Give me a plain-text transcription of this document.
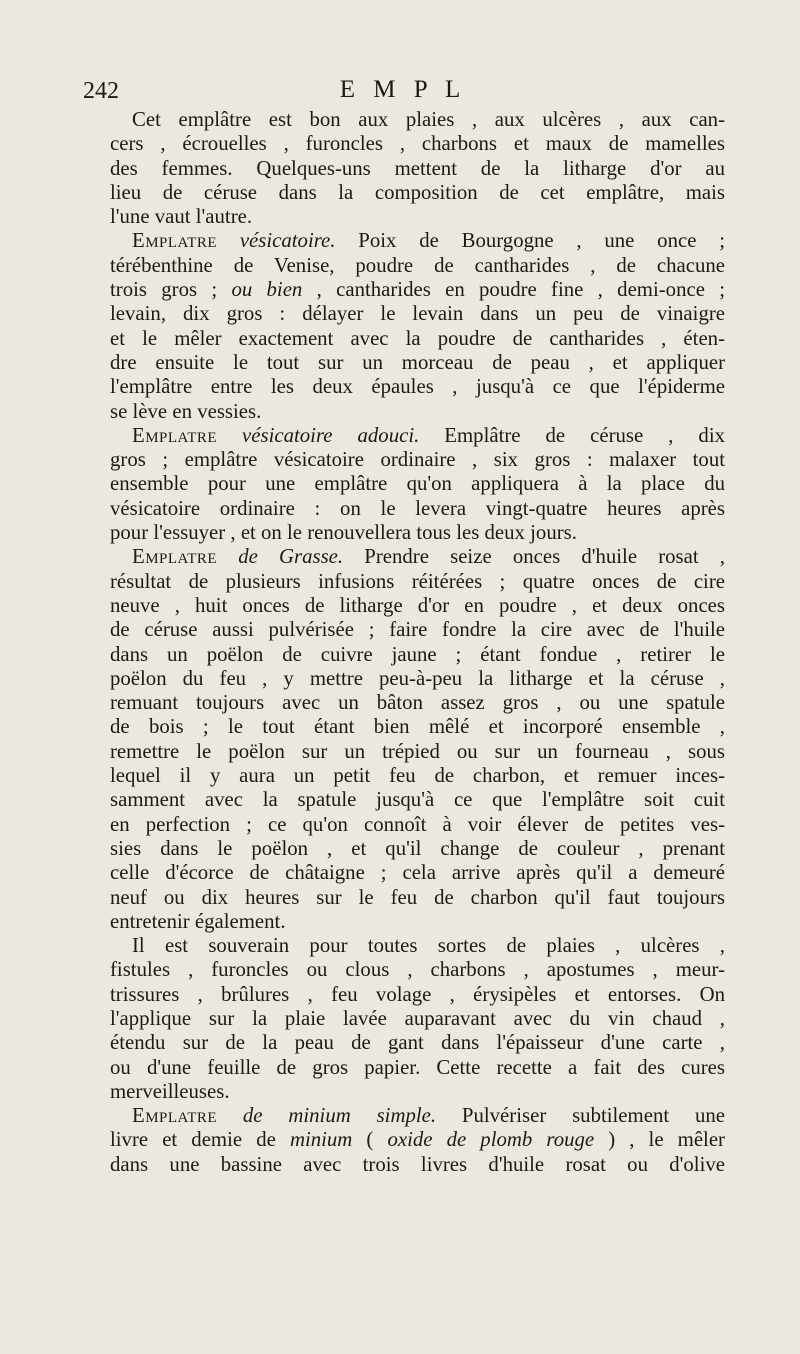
242	E M P L
Cet emplâtre est bon aux plaies , aux ulcères , aux can-
cers , écrouelles , furoncles , charbons et maux de mamelles
des femmes. Quelques-uns mettent de la litharge d'or au
lieu de céruse dans la composition de cet emplâtre, mais
l'une vaut l'autre.
Emplatre vésicatoire. Poix de Bourgogne , une once ;
térébenthine de Venise, poudre de cantharides , de chacune
trois gros ; ou bien , cantharides en poudre fine , demi-once ;
levain, dix gros : délayer le levain dans un peu de vinaigre
et le mêler exactement avec la poudre de cantharides , éten-
dre ensuite le tout sur un morceau de peau , et appliquer
l'emplâtre entre les deux épaules , jusqu'à ce que l'épiderme
se lève en vessies.
Emplatre vésicatoire adouci. Emplâtre de céruse , dix
gros ; emplâtre vésicatoire ordinaire , six gros : malaxer tout
ensemble pour une emplâtre qu'on appliquera à la place du
vésicatoire ordinaire : on le levera vingt-quatre heures après
pour l'essuyer , et on le renouvellera tous les deux jours.
Emplatre de Grasse. Prendre seize onces d'huile rosat ,
résultat de plusieurs infusions réitérées ; quatre onces de cire
neuve , huit onces de litharge d'or en poudre , et deux onces
de céruse aussi pulvérisée ; faire fondre la cire avec de l'huile
dans un poëlon de cuivre jaune ; étant fondue , retirer le
poëlon du feu , y mettre peu-à-peu la litharge et la céruse ,
remuant toujours avec un bâton assez gros , ou une spatule
de bois ; le tout étant bien mêlé et incorporé ensemble ,
remettre le poëlon sur un trépied ou sur un fourneau , sous
lequel il y aura un petit feu de charbon, et remuer inces-
samment avec la spatule jusqu'à ce que l'emplâtre soit cuit
en perfection ; ce qu'on connoît à voir élever de petites ves-
sies dans le poëlon , et qu'il change de couleur , prenant
celle d'écorce de châtaigne ; cela arrive après qu'il a demeuré
neuf ou dix heures sur le feu de charbon qu'il faut toujours
entretenir également.
Il est souverain pour toutes sortes de plaies , ulcères ,
fistules , furoncles ou clous , charbons , apostumes , meur-
trissures , brûlures , feu volage , érysipèles et entorses. On
l'applique sur la plaie lavée auparavant avec du vin chaud ,
étendu sur de la peau de gant dans l'épaisseur d'une carte ,
ou d'une feuille de gros papier. Cette recette a fait des cures
merveilleuses.
Emplatre de minium simple. Pulvériser subtilement une
livre et demie de minium ( oxide de plomb rouge ) , le mêler
dans une bassine avec trois livres d'huile rosat ou d'olive
